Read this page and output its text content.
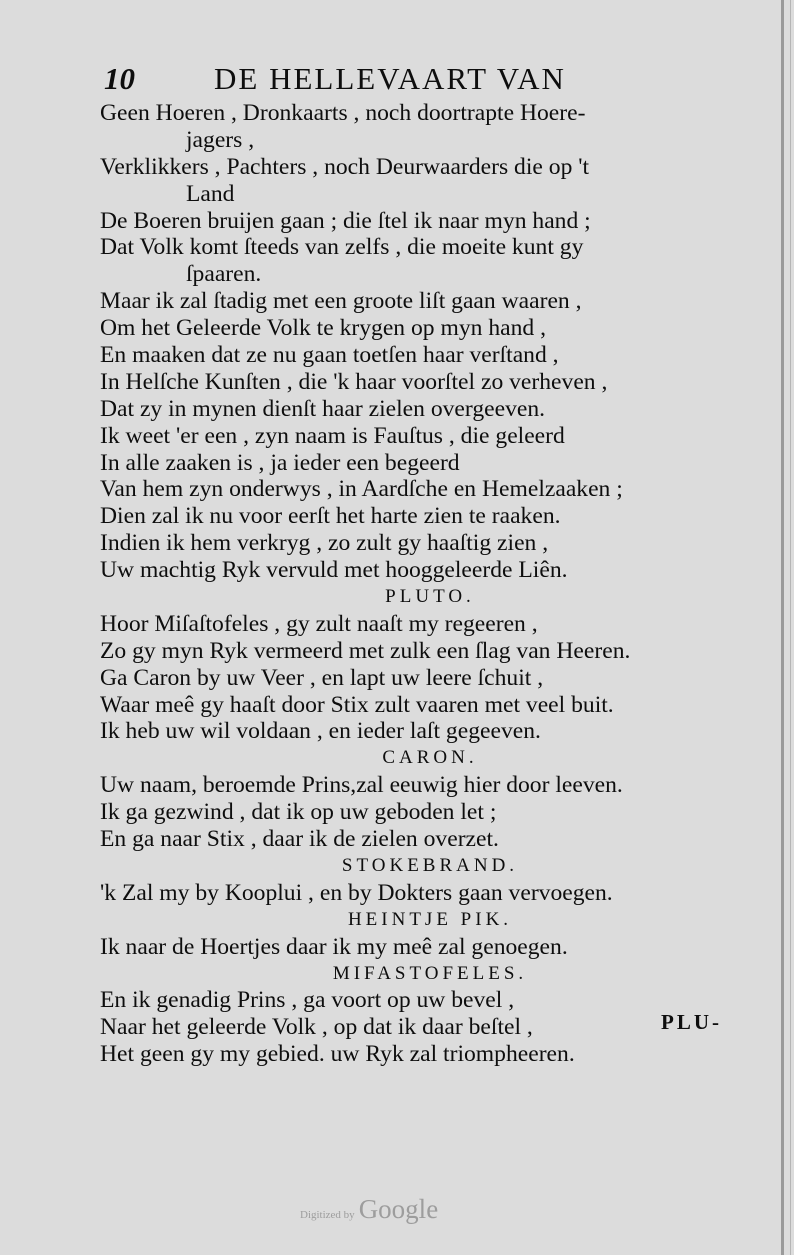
10	DE HELLEVAART VAN
Geen Hoeren , Dronkaarts , noch doortrapte Hoere-
jagers ,
Verklikkers , Pachters , noch Deurwaarders die op 't
Land
De Boeren bruijen gaan ; die ſtel ik naar myn hand ;
Dat Volk komt ſteeds van zelfs , die moeite kunt gy
ſpaaren.
Maar ik zal ſtadig met een groote liſt gaan waaren ,
Om het Geleerde Volk te krygen op myn hand ,
En maaken dat ze nu gaan toetſen haar verſtand ,
In Helſche Kunſten , die 'k haar voorſtel zo verheven ,
Dat zy in mynen dienſt haar zielen overgeeven.
Ik weet 'er een , zyn naam is Fauſtus , die geleerd
In alle zaaken is , ja ieder een begeerd
Van hem zyn onderwys , in Aardſche en Hemelzaaken ;
Dien zal ik nu voor eerſt het harte zien te raaken.
Indien ik hem verkryg , zo zult gy haaſtig zien ,
Uw machtig Ryk vervuld met hooggeleerde Liên.
PLUTO.
Hoor Miſaſtofeles , gy zult naaſt my regeeren ,
Zo gy myn Ryk vermeerd met zulk een ſlag van Heeren.
Ga Caron by uw Veer , en lapt uw leere ſchuit ,
Waar meê gy haaſt door Stix zult vaaren met veel buit.
Ik heb uw wil voldaan , en ieder laſt gegeeven.
CARON.
Uw naam, beroemde Prins,zal eeuwig hier door leeven.
Ik ga gezwind , dat ik op uw geboden let ;
En ga naar Stix , daar ik de zielen overzet.
STOKEBRAND.
'k Zal my by Kooplui , en by Dokters gaan vervoegen.
HEINTJE PIK.
Ik naar de Hoertjes daar ik my meê zal genoegen.
MIFASTOFELES.
En ik genadig Prins , ga voort op uw bevel ,
Naar het geleerde Volk , op dat ik daar beſtel ,
Het geen gy my gebied. uw Ryk zal triompheeren.
PLU-
Digitized by Google
